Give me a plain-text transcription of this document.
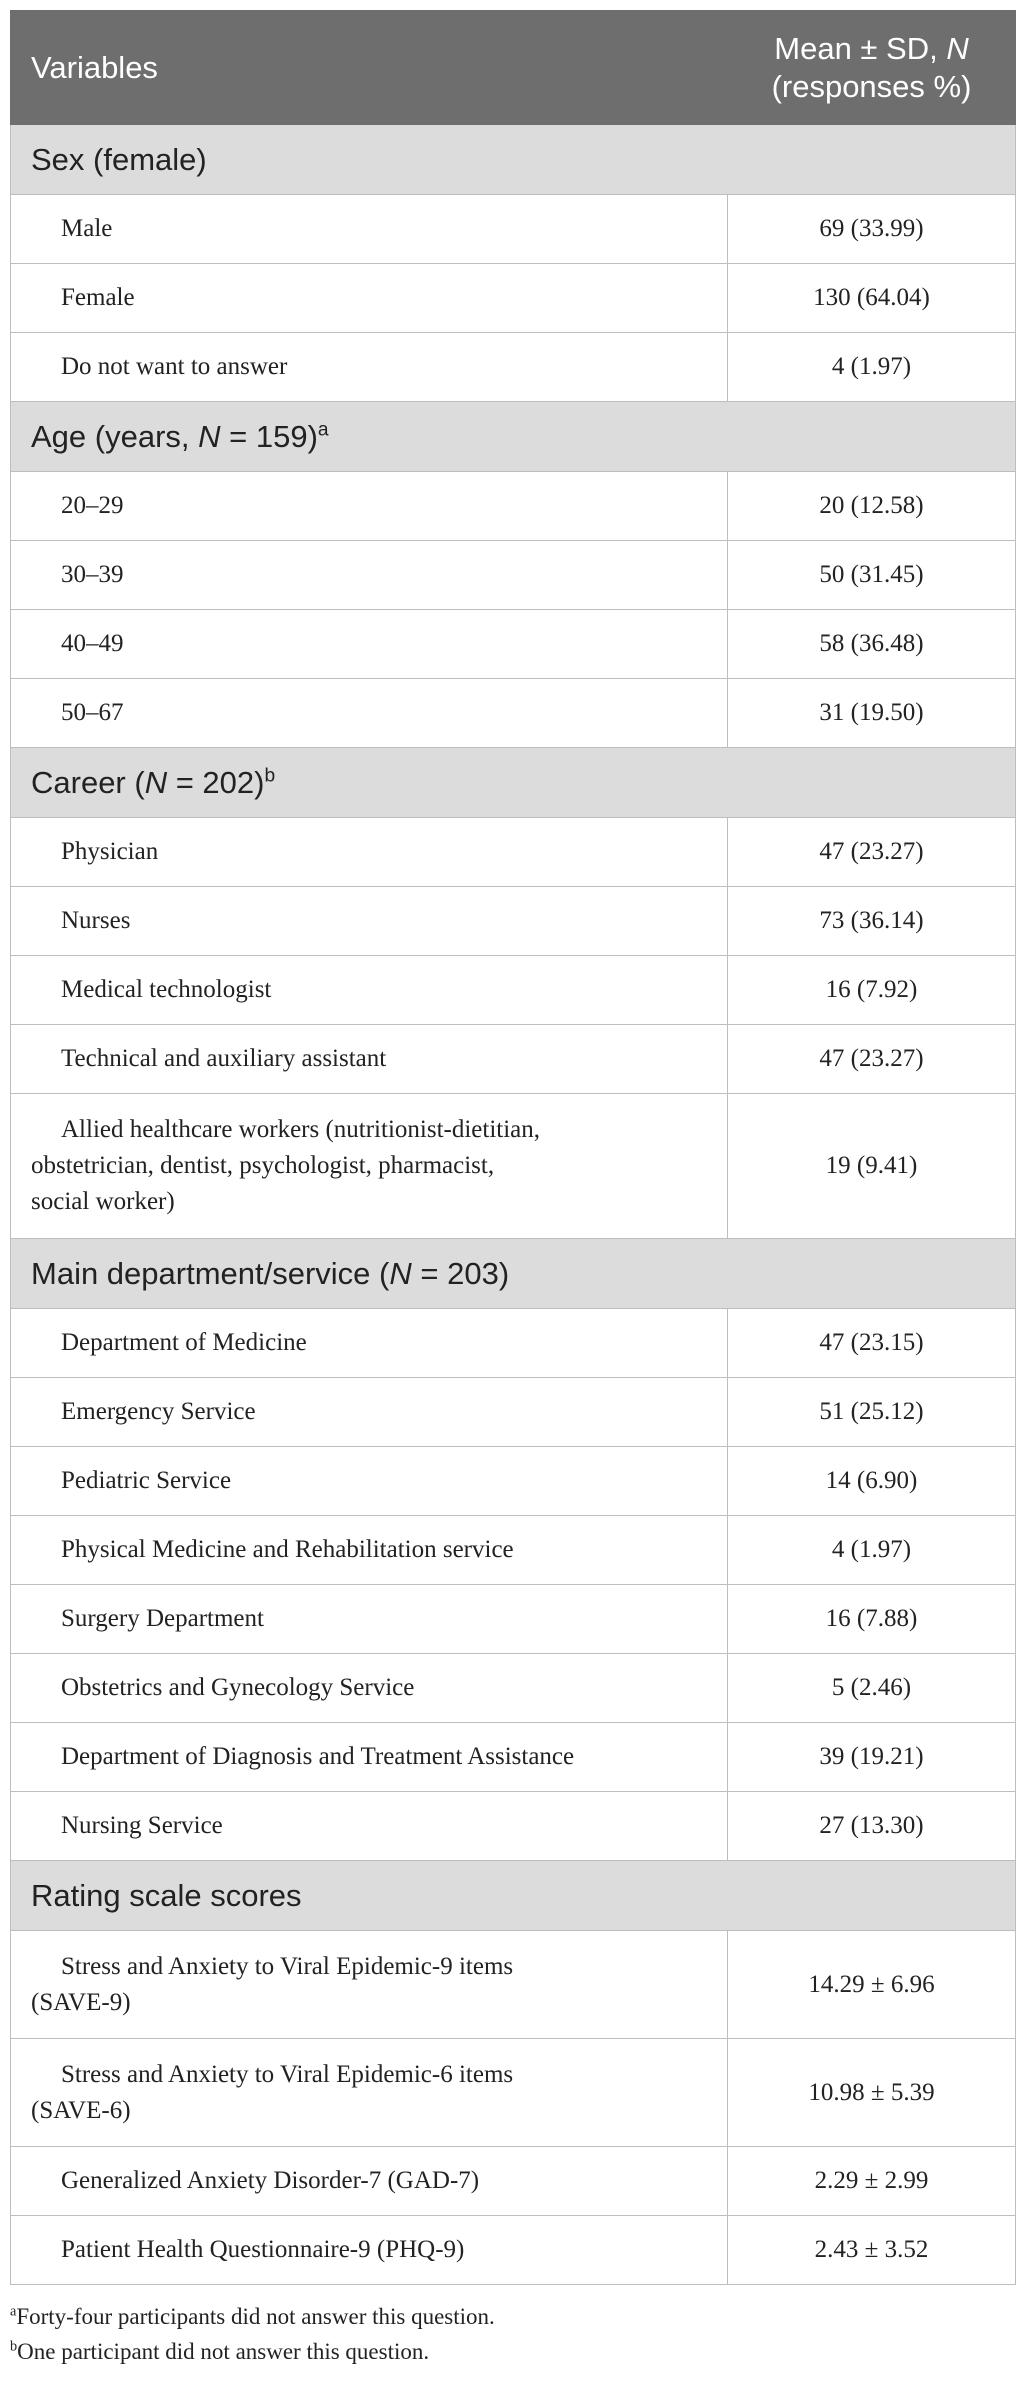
Variables	Mean ± SD, N
(responses %)
Sex (female)	
Male	69 (33.99)
Female	130 (64.04)
Do not want to answer	4 (1.97)
Age (years, N = 159)$^a$
20–29	20 (12.58)
30–39	50 (31.45)
40–49	58 (36.48)
50–67	31 (19.50)
Career (N = 202)$^b$
Physician	47 (23.27)
Nurses	73 (36.14)
Medical technologist	16 (7.92)
Technical and auxiliary assistant	47 (23.27)

Allied healthcare workers (nutritionist-dietitian,
obstetrician, dentist, psychologist, pharmacist,
social worker)	19 (9.41)
Main department/service (N = 203)	
Department of Medicine	47 (23.15)
Emergency Service	51 (25.12)
Pediatric Service	14 (6.90)
Physical Medicine and Rehabilitation service	4 (1.97)
Surgery Department	16 (7.88)
Obstetrics and Gynecology Service	5 (2.46)
Department of Diagnosis and Treatment Assistance	39 (19.21)
Nursing Service	27 (13.30)
Rating scale scores	

Stress and Anxiety to Viral Epidemic-9 items
(SAVE-9)	14.29 ± 6.96

Stress and Anxiety to Viral Epidemic-6 items
(SAVE-6)	10.98 ± 5.39
Generalized Anxiety Disorder-7 (GAD-7)	2.29 ± 2.99
Patient Health Questionnaire-9 (PHQ-9)	2.43 ± 3.52
$^a$Forty-four participants did not answer this question.
$^b$One participant did not answer this question.
